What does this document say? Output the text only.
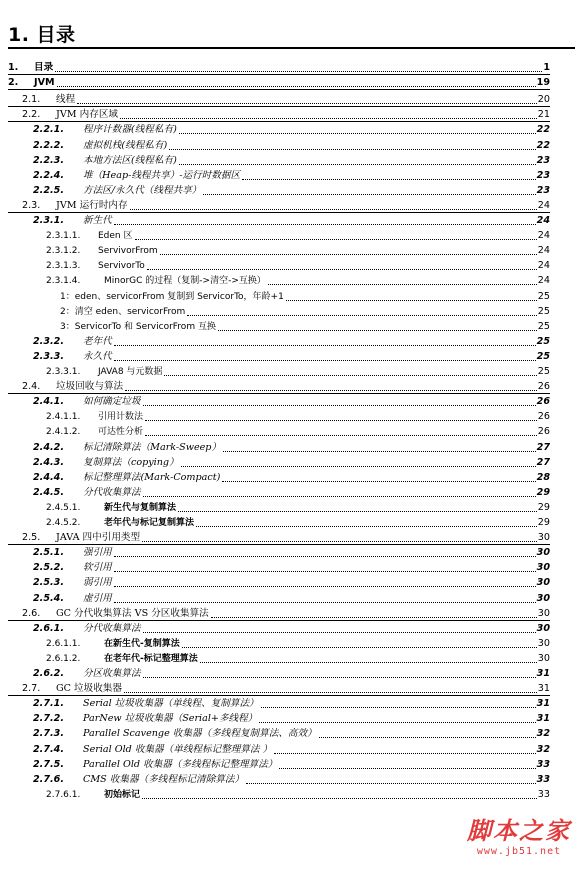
1. 目录
1.	目录	1
2.	JVM	19
2.1.	线程	20
2.2.	JVM 内存区域	21
2.2.1.	程序计数器(线程私有)	22
2.2.2.	虚拟机栈(线程私有)	22
2.2.3.	本地方法区(线程私有)	23
2.2.4.	堆（Heap-线程共享）-运行时数据区	23
2.2.5.	方法区/永久代（线程共享）	23
2.3.	JVM 运行时内存	24
2.3.1.	新生代	24
2.3.1.1.	Eden 区	24
2.3.1.2.	ServivorFrom	24
2.3.1.3.	ServivorTo	24
2.3.1.4.	MinorGC 的过程（复制->清空->互换）	24
1：eden、servicorFrom 复制到 ServicorTo，年龄+1	25
2：清空 eden、servicorFrom	25
3：ServicorTo 和 ServicorFrom 互换	25
2.3.2.	老年代	25
2.3.3.	永久代	25
2.3.3.1.	JAVA8 与元数据	25
2.4.	垃圾回收与算法	26
2.4.1.	如何确定垃圾	26
2.4.1.1.	引用计数法	26
2.4.1.2.	可达性分析	26
2.4.2.	标记清除算法（Mark-Sweep）	27
2.4.3.	复制算法（copying）	27
2.4.4.	标记整理算法(Mark-Compact)	28
2.4.5.	分代收集算法	29
2.4.5.1.	新生代与复制算法	29
2.4.5.2.	老年代与标记复制算法	29
2.5.	JAVA 四中引用类型	30
2.5.1.	强引用	30
2.5.2.	软引用	30
2.5.3.	弱引用	30
2.5.4.	虚引用	30
2.6.	GC 分代收集算法 VS 分区收集算法	30
2.6.1.	分代收集算法	30
2.6.1.1.	在新生代-复制算法	30
2.6.1.2.	在老年代-标记整理算法	30
2.6.2.	分区收集算法	31
2.7.	GC 垃圾收集器	31
2.7.1.	Serial 垃圾收集器（单线程、复制算法）	31
2.7.2.	ParNew 垃圾收集器（Serial+多线程）	31
2.7.3.	Parallel Scavenge 收集器（多线程复制算法、高效）	32
2.7.4.	Serial Old 收集器（单线程标记整理算法 ）	32
2.7.5.	Parallel Old 收集器（多线程标记整理算法）	33
2.7.6.	CMS 收集器（多线程标记清除算法）	33
2.7.6.1.	初始标记	33
脚本之家
www.jb51.net
